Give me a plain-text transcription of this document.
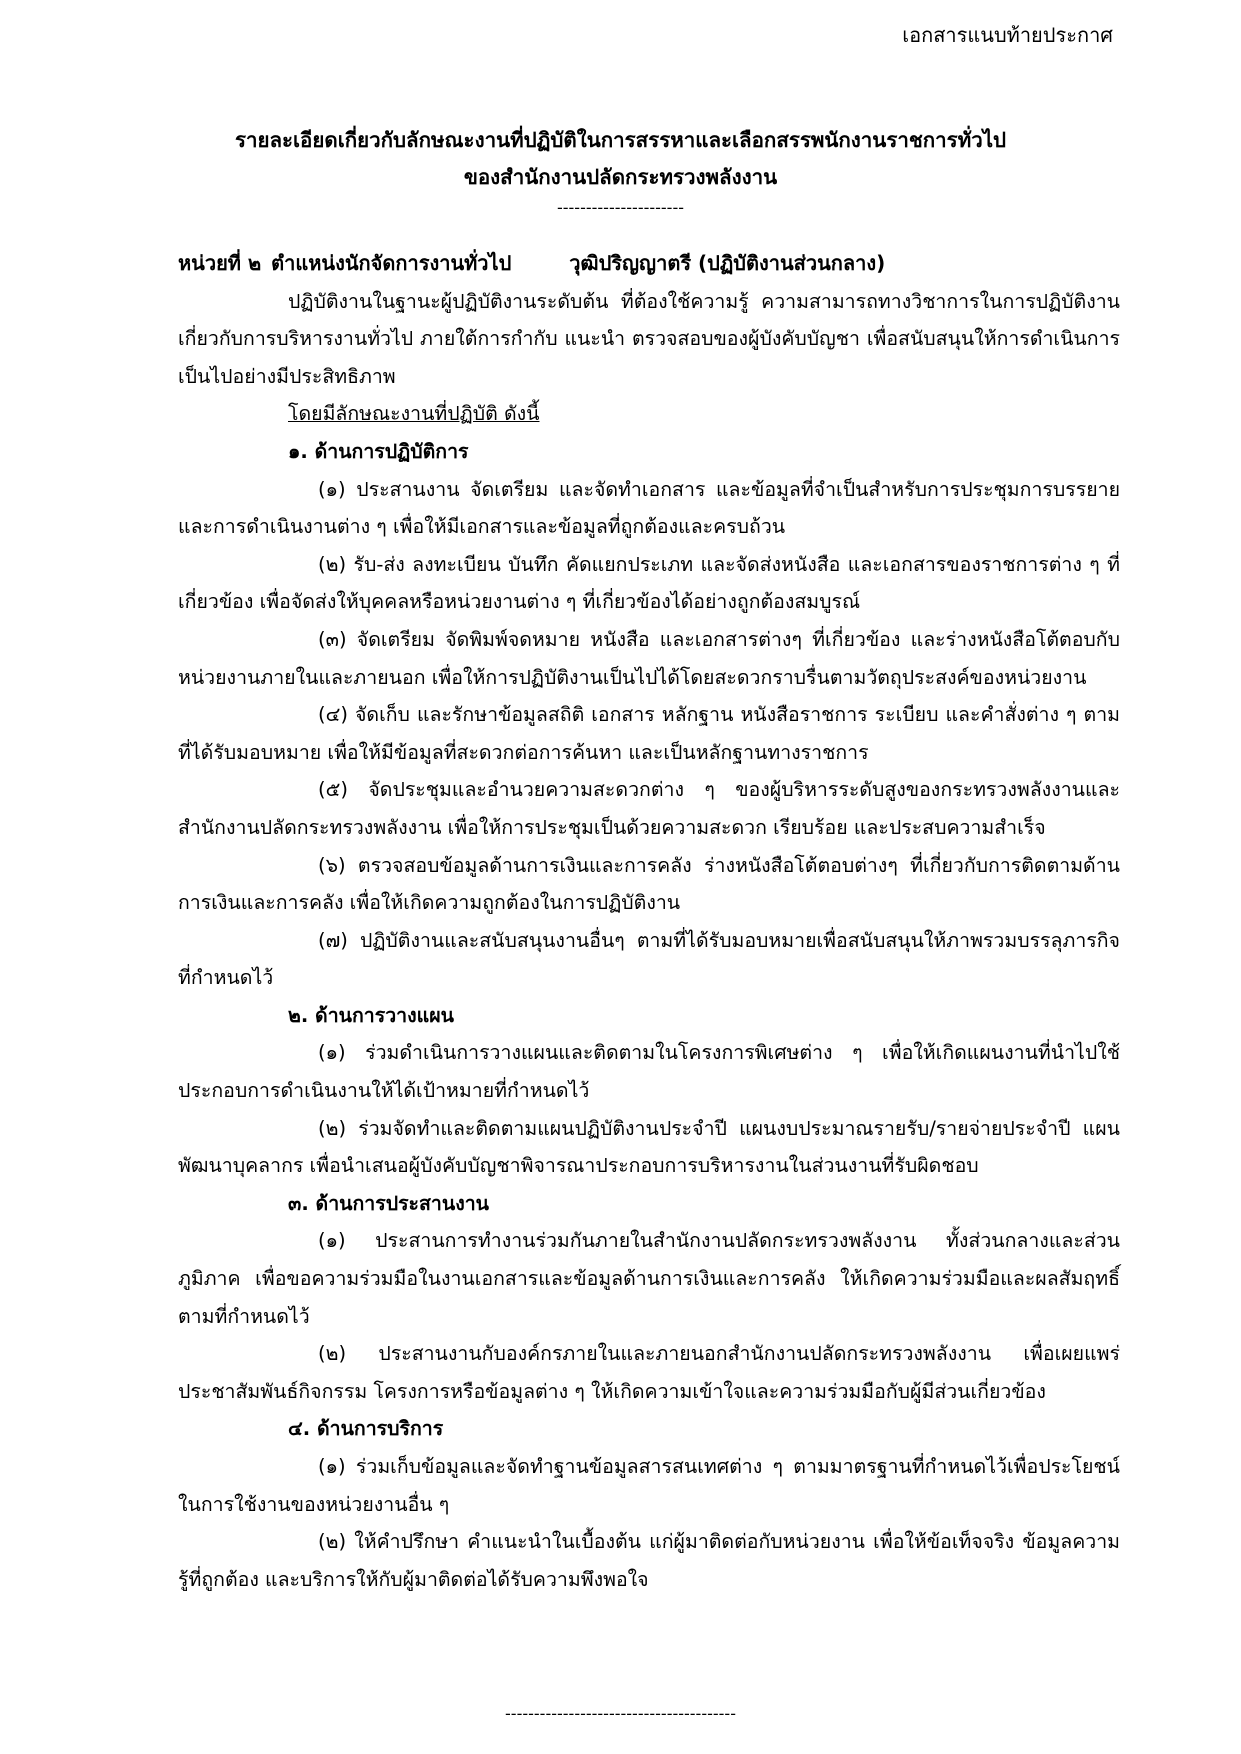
เอกสารแนบท้ายประกาศ
รายละเอียดเกี่ยวกับลักษณะงานที่ปฏิบัติในการสรรหาและเลือกสรรพนักงานราชการทั่วไป
ของสำนักงานปลัดกระทรวงพลังงาน
----------------------
หน่วยที่ ๒ ตำแหน่งนักจัดการงานทั่วไป	วุฒิปริญญาตรี (ปฏิบัติงานส่วนกลาง)

ปฏิบัติงานในฐานะผู้ปฏิบัติงานระดับต้น ที่ต้องใช้ความรู้ ความสามารถทางวิชาการในการปฏิบัติงานเกี่ยวกับการบริหารงานทั่วไป ภายใต้การกำกับ แนะนำ ตรวจสอบของผู้บังคับบัญชา เพื่อสนับสนุนให้การดำเนินการเป็นไปอย่างมีประสิทธิภาพ

โดยมีลักษณะงานที่ปฏิบัติ ดังนี้
๑. ด้านการปฏิบัติการ

(๑) ประสานงาน จัดเตรียม และจัดทำเอกสาร และข้อมูลที่จำเป็นสำหรับการประชุมการบรรยายและการดำเนินงานต่าง ๆ เพื่อให้มีเอกสารและข้อมูลที่ถูกต้องและครบถ้วน

(๒) รับ-ส่ง ลงทะเบียน บันทึก คัดแยกประเภท และจัดส่งหนังสือ และเอกสารของราชการต่าง ๆ ที่เกี่ยวข้อง เพื่อจัดส่งให้บุคคลหรือหน่วยงานต่าง ๆ ที่เกี่ยวข้องได้อย่างถูกต้องสมบูรณ์

(๓) จัดเตรียม จัดพิมพ์จดหมาย หนังสือ และเอกสารต่างๆ ที่เกี่ยวข้อง และร่างหนังสือโต้ตอบกับหน่วยงานภายในและภายนอก เพื่อให้การปฏิบัติงานเป็นไปได้โดยสะดวกราบรื่นตามวัตถุประสงค์ของหน่วยงาน

(๔) จัดเก็บ และรักษาข้อมูลสถิติ เอกสาร หลักฐาน หนังสือราชการ ระเบียบ และคำสั่งต่าง ๆ ตามที่ได้รับมอบหมาย เพื่อให้มีข้อมูลที่สะดวกต่อการค้นหา และเป็นหลักฐานทางราชการ

(๕) จัดประชุมและอำนวยความสะดวกต่าง ๆ ของผู้บริหารระดับสูงของกระทรวงพลังงานและสำนักงานปลัดกระทรวงพลังงาน เพื่อให้การประชุมเป็นด้วยความสะดวก เรียบร้อย และประสบความสำเร็จ

(๖) ตรวจสอบข้อมูลด้านการเงินและการคลัง ร่างหนังสือโต้ตอบต่างๆ ที่เกี่ยวกับการติดตามด้านการเงินและการคลัง เพื่อให้เกิดความถูกต้องในการปฏิบัติงาน

(๗) ปฏิบัติงานและสนับสนุนงานอื่นๆ ตามที่ได้รับมอบหมายเพื่อสนับสนุนให้ภาพรวมบรรลุภารกิจที่กำหนดไว้

๒. ด้านการวางแผน

(๑) ร่วมดำเนินการวางแผนและติดตามในโครงการพิเศษต่าง ๆ เพื่อให้เกิดแผนงานที่นำไปใช้ประกอบการดำเนินงานให้ได้เป้าหมายที่กำหนดไว้

(๒) ร่วมจัดทำและติดตามแผนปฏิบัติงานประจำปี แผนงบประมาณรายรับ/รายจ่ายประจำปี แผนพัฒนาบุคลากร เพื่อนำเสนอผู้บังคับบัญชาพิจารณาประกอบการบริหารงานในส่วนงานที่รับผิดชอบ

๓. ด้านการประสานงาน

(๑) ประสานการทำงานร่วมกันภายในสำนักงานปลัดกระทรวงพลังงาน ทั้งส่วนกลางและส่วนภูมิภาค เพื่อขอความร่วมมือในงานเอกสารและข้อมูลด้านการเงินและการคลัง ให้เกิดความร่วมมือและผลสัมฤทธิ์ตามที่กำหนดไว้

(๒) ประสานงานกับองค์กรภายในและภายนอกสำนักงานปลัดกระทรวงพลังงาน เพื่อเผยแพร่ประชาสัมพันธ์กิจกรรม โครงการหรือข้อมูลต่าง ๆ ให้เกิดความเข้าใจและความร่วมมือกับผู้มีส่วนเกี่ยวข้อง

๔. ด้านการบริการ

(๑) ร่วมเก็บข้อมูลและจัดทำฐานข้อมูลสารสนเทศต่าง ๆ ตามมาตรฐานที่กำหนดไว้เพื่อประโยชน์ในการใช้งานของหน่วยงานอื่น ๆ

(๒) ให้คำปรึกษา คำแนะนำในเบื้องต้น แก่ผู้มาติดต่อกับหน่วยงาน เพื่อให้ข้อเท็จจริง ข้อมูลความรู้ที่ถูกต้อง และบริการให้กับผู้มาติดต่อได้รับความพึงพอใจ

----------------------------------------
